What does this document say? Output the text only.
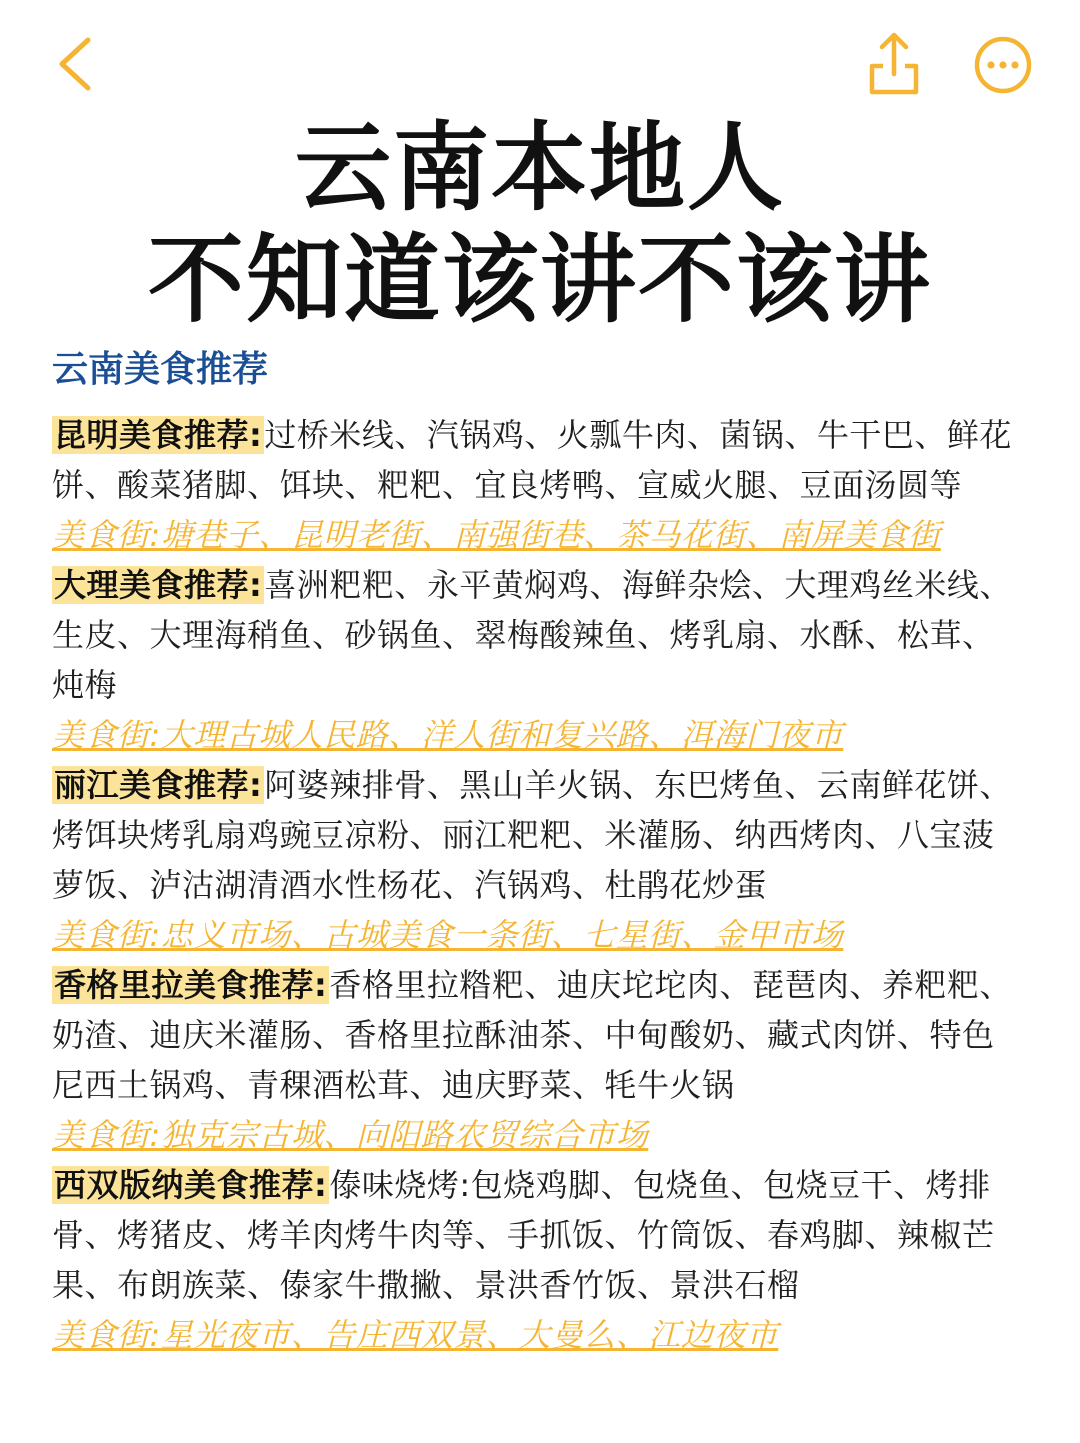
云南本地人
不知道该讲不该讲
云南美食推荐
昆明美食推荐:过桥米线、汽锅鸡、火瓢牛肉、菌锅、牛干巴、鲜花饼、酸菜猪脚、饵块、粑粑、宜良烤鸭、宣威火腿、豆面汤圆等
美食街:塘巷子、昆明老街、南强街巷、茶马花街、南屏美食街
大理美食推荐:喜洲粑粑、永平黄焖鸡、海鲜杂烩、大理鸡丝米线、生皮、大理海稍鱼、砂锅鱼、翠梅酸辣鱼、烤乳扇、水酥、松茸、炖梅
美食街:大理古城人民路、洋人街和复兴路、洱海门夜市
丽江美食推荐:阿婆辣排骨、黑山羊火锅、东巴烤鱼、云南鲜花饼、烤饵块烤乳扇鸡豌豆凉粉、丽江粑粑、米灌肠、纳西烤肉、八宝菠萝饭、泸沽湖清酒水性杨花、汽锅鸡、杜鹃花炒蛋
美食街:忠义市场、古城美食一条街、七星街、金甲市场
香格里拉美食推荐:香格里拉糌粑、迪庆坨坨肉、琵琶肉、养粑粑、奶渣、迪庆米灌肠、香格里拉酥油茶、中甸酸奶、藏式肉饼、特色尼西土锅鸡、青稞酒松茸、迪庆野菜、牦牛火锅
美食街:独克宗古城、向阳路农贸综合市场
西双版纳美食推荐:傣味烧烤:包烧鸡脚、包烧鱼、包烧豆干、烤排骨、烤猪皮、烤羊肉烤牛肉等、手抓饭、竹筒饭、春鸡脚、辣椒芒果、布朗族菜、傣家牛撒撇、景洪香竹饭、景洪石榴
美食街:星光夜市、告庄西双景、大曼么、江边夜市
